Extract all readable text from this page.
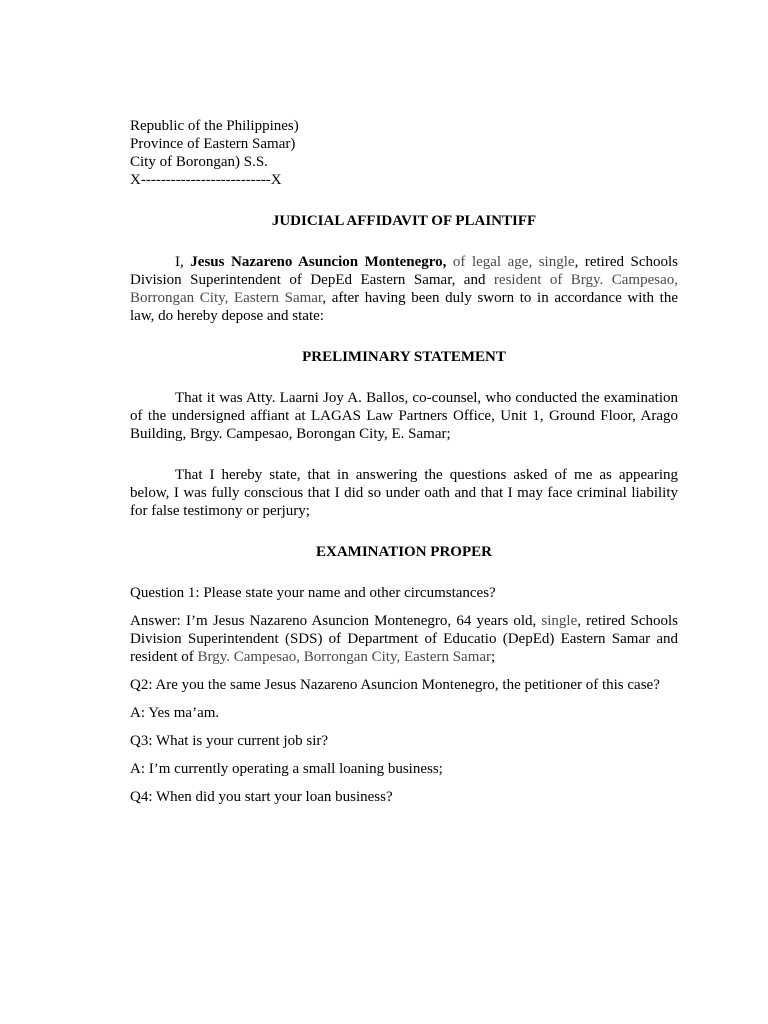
Republic of the Philippines)

Province of Eastern Samar)

City of Borongan) S.S.

X--------------------------X

JUDICIAL AFFIDAVIT OF PLAINTIFF

I, Jesus Nazareno Asuncion Montenegro, of legal age, single, retired Schools Division Superintendent of DepEd Eastern Samar, and resident of Brgy. Campesao, Borrongan City, Eastern Samar, after having been duly sworn to in accordance with the law, do hereby depose and state:

PRELIMINARY STATEMENT

That it was Atty. Laarni Joy A. Ballos, co-counsel, who conducted the examination of the undersigned affiant at LAGAS Law Partners Office, Unit 1, Ground Floor, Arago Building, Brgy. Campesao, Borongan City, E. Samar;

That I hereby state, that in answering the questions asked of me as appearing below, I was fully conscious that I did so under oath and that I may face criminal liability for false testimony or perjury;

EXAMINATION PROPER

Question 1: Please state your name and other circumstances?

Answer: I’m Jesus Nazareno Asuncion Montenegro, 64 years old, single, retired Schools Division Superintendent (SDS) of Department of Educatio (DepEd) Eastern Samar and resident of Brgy. Campesao, Borrongan City, Eastern Samar;

Q2: Are you the same Jesus Nazareno Asuncion Montenegro, the petitioner of this case?

A: Yes ma’am.

Q3: What is your current job sir?

A: I’m currently operating a small loaning business;

Q4: When did you start your loan business?
